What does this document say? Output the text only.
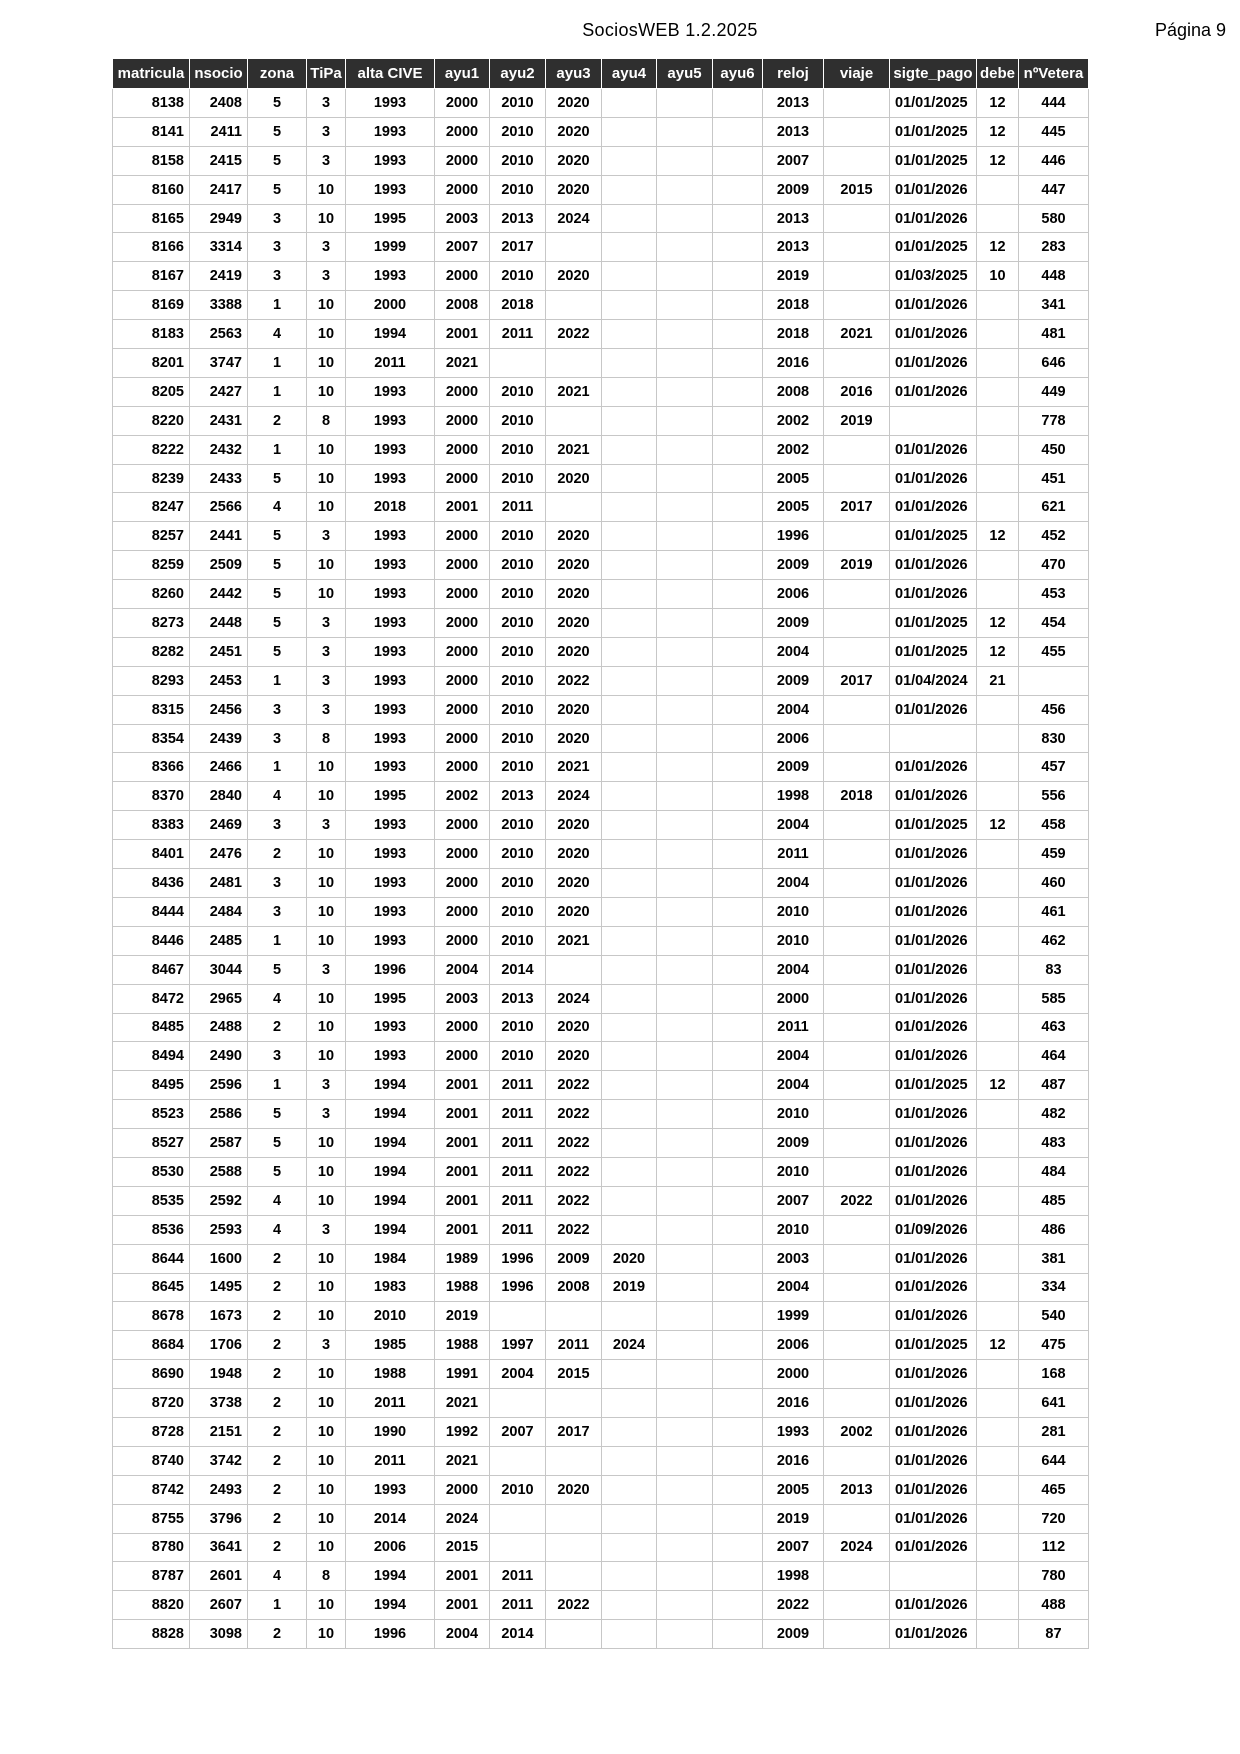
SociosWEB 1.2.2025	Página 9
matricula	nsocio	zona	TiPa	alta CIVE	ayu1	ayu2	ayu3	ayu4	ayu5	ayu6	reloj	viaje	sigte_pago	debe	nºVetera
8138	2408	5	3	1993	2000	2010	2020				2013		01/01/2025	12	444
8141	2411	5	3	1993	2000	2010	2020				2013		01/01/2025	12	445
8158	2415	5	3	1993	2000	2010	2020				2007		01/01/2025	12	446
8160	2417	5	10	1993	2000	2010	2020				2009	2015	01/01/2026		447
8165	2949	3	10	1995	2003	2013	2024				2013		01/01/2026		580
8166	3314	3	3	1999	2007	2017					2013		01/01/2025	12	283
8167	2419	3	3	1993	2000	2010	2020				2019		01/03/2025	10	448
8169	3388	1	10	2000	2008	2018					2018		01/01/2026		341
8183	2563	4	10	1994	2001	2011	2022				2018	2021	01/01/2026		481
8201	3747	1	10	2011	2021						2016		01/01/2026		646
8205	2427	1	10	1993	2000	2010	2021				2008	2016	01/01/2026		449
8220	2431	2	8	1993	2000	2010					2002	2019			778
8222	2432	1	10	1993	2000	2010	2021				2002		01/01/2026		450
8239	2433	5	10	1993	2000	2010	2020				2005		01/01/2026		451
8247	2566	4	10	2018	2001	2011					2005	2017	01/01/2026		621
8257	2441	5	3	1993	2000	2010	2020				1996		01/01/2025	12	452
8259	2509	5	10	1993	2000	2010	2020				2009	2019	01/01/2026		470
8260	2442	5	10	1993	2000	2010	2020				2006		01/01/2026		453
8273	2448	5	3	1993	2000	2010	2020				2009		01/01/2025	12	454
8282	2451	5	3	1993	2000	2010	2020				2004		01/01/2025	12	455
8293	2453	1	3	1993	2000	2010	2022				2009	2017	01/04/2024	21	
8315	2456	3	3	1993	2000	2010	2020				2004		01/01/2026		456
8354	2439	3	8	1993	2000	2010	2020				2006				830
8366	2466	1	10	1993	2000	2010	2021				2009		01/01/2026		457
8370	2840	4	10	1995	2002	2013	2024				1998	2018	01/01/2026		556
8383	2469	3	3	1993	2000	2010	2020				2004		01/01/2025	12	458
8401	2476	2	10	1993	2000	2010	2020				2011		01/01/2026		459
8436	2481	3	10	1993	2000	2010	2020				2004		01/01/2026		460
8444	2484	3	10	1993	2000	2010	2020				2010		01/01/2026		461
8446	2485	1	10	1993	2000	2010	2021				2010		01/01/2026		462
8467	3044	5	3	1996	2004	2014					2004		01/01/2026		83
8472	2965	4	10	1995	2003	2013	2024				2000		01/01/2026		585
8485	2488	2	10	1993	2000	2010	2020				2011		01/01/2026		463
8494	2490	3	10	1993	2000	2010	2020				2004		01/01/2026		464
8495	2596	1	3	1994	2001	2011	2022				2004		01/01/2025	12	487
8523	2586	5	3	1994	2001	2011	2022				2010		01/01/2026		482
8527	2587	5	10	1994	2001	2011	2022				2009		01/01/2026		483
8530	2588	5	10	1994	2001	2011	2022				2010		01/01/2026		484
8535	2592	4	10	1994	2001	2011	2022				2007	2022	01/01/2026		485
8536	2593	4	3	1994	2001	2011	2022				2010		01/09/2026		486
8644	1600	2	10	1984	1989	1996	2009	2020			2003		01/01/2026		381
8645	1495	2	10	1983	1988	1996	2008	2019			2004		01/01/2026		334
8678	1673	2	10	2010	2019						1999		01/01/2026		540
8684	1706	2	3	1985	1988	1997	2011	2024			2006		01/01/2025	12	475
8690	1948	2	10	1988	1991	2004	2015				2000		01/01/2026		168
8720	3738	2	10	2011	2021						2016		01/01/2026		641
8728	2151	2	10	1990	1992	2007	2017				1993	2002	01/01/2026		281
8740	3742	2	10	2011	2021						2016		01/01/2026		644
8742	2493	2	10	1993	2000	2010	2020				2005	2013	01/01/2026		465
8755	3796	2	10	2014	2024						2019		01/01/2026		720
8780	3641	2	10	2006	2015						2007	2024	01/01/2026		112
8787	2601	4	8	1994	2001	2011					1998				780
8820	2607	1	10	1994	2001	2011	2022				2022		01/01/2026		488
8828	3098	2	10	1996	2004	2014					2009		01/01/2026		87
